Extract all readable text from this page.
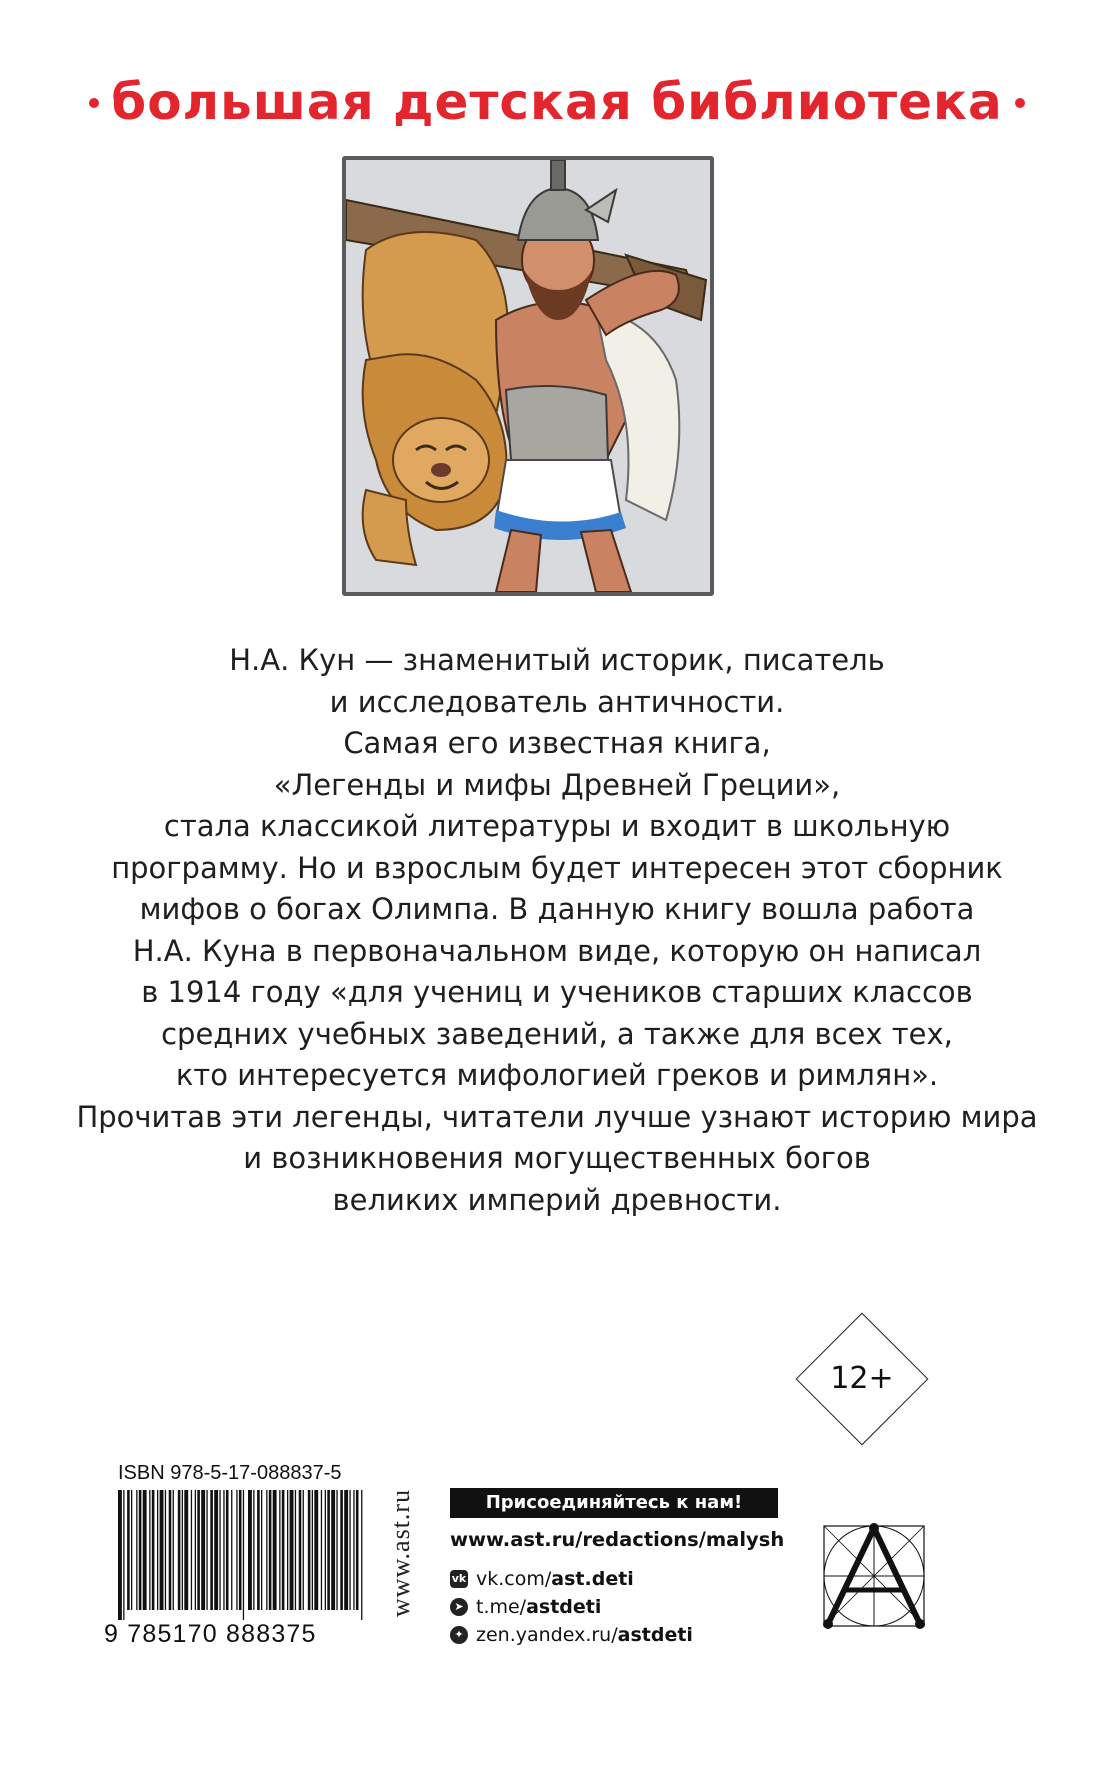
большая детская библиотека
Н.А. Кун — знаменитый историк, писатель
и исследователь античности.
Самая его известная книга,
«Легенды и мифы Древней Греции»,
стала классикой литературы и входит в школьную
программу. Но и взрослым будет интересен этот сборник
мифов о богах Олимпа. В данную книгу вошла работа
Н.А. Куна в первоначальном виде, которую он написал
в 1914 году «для учениц и учеников старших классов
средних учебных заведений, а также для всех тех,
кто интересуется мифологией греков и римлян».
Прочитав эти легенды, читатели лучше узнают историю мира
и возникновения могущественных богов
великих империй древности.
12+
ISBN 978-5-17-088837-5
9 785170 888375
www.ast.ru	Присоединяйтесь к нам!
www.ast.ru/redactions/malysh
vk vk.com/ ast.deti
➤ t.me/ astdeti
✦ zen.yandex.ru/ astdeti
